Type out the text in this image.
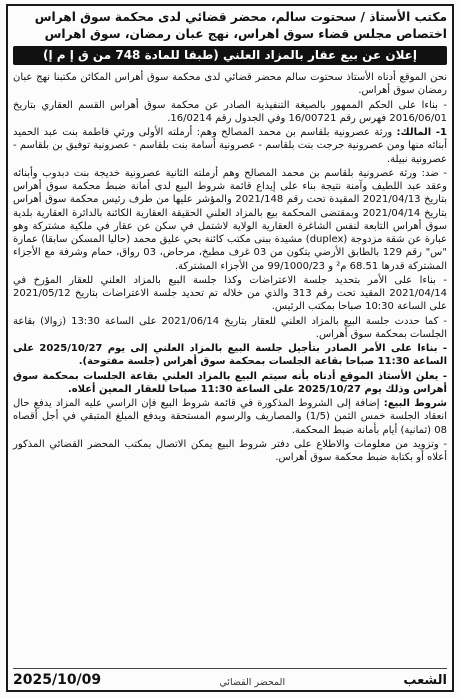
مكتب الأستاذ / سحتوت سالم، محضر قضائي لدى محكمة سوق اهراس
اختصاص مجلس قضاء سوق اهراس، نهج عبان رمضان، سوق اهراس
إعلان عن بيع عقار بالمزاد العلني (طبقا للمادة 748 من ق إ م إ)

نحن الموقع أدناه الأستاذ سحتوت سالم محضر قضائي لدى محكمة سوق أهراس المكائن مكتبنا نهج عبان رمضان سوق أهراس.

- بناءا على الحكم الممهور بالصيغة التنفيذية الصادر عن محكمة سوق أهراس القسم العقاري بتاريخ 2016/06/01 فهرس رقم 16/00721 وفي الجدول رقم 16/0214.

1- المالك: ورثة عصرونية بلقاسم بن محمد المصالح وهم: أرملته الأولى ورثي فاطمة بنت عبد الحميد أبنائه منها ومن عصرونية جرجت بنت بلقاسم - عصرونية أسامة بنت بلقاسم - عصرونية توفيق بن بلقاسم - عصرونية نبيلة.

- ضد: ورثة عصرونية بلقاسم بن محمد المصالح وهم أرملته الثانية عصرونية خديجة بنت دبدوب وأبنائه وعقد عبد اللطيف وآمنة نتيجة بناء على إيداع قائمة شروط البيع لدى أمانة ضبط محكمة سوق أهراس بتاريخ 2021/04/13 المقيدة تحت رقم 2021/148 والمؤشر عليها من طرف رئيس محكمة سوق أهراس بتاريخ 2021/04/14 وبمقتضى المحكمة بيع بالمزاد العلني الحقيقة العقارية الكائنة بالدائرة العقارية بلدية سوق أهراس التابعة لنفس الشاغرة العقارية الولاية لاشتمل في سكن عن عقار في ملكية مشتركة وهو عبارة عن شقة مزدوجة (duplex) مشيدة ببنى مكتب كائنة بحي عليق محمد (حاليا المسكن سابقا) عمارة "س" رقم 129 بالطابق الأرضي يتكون من 03 غرف مطبخ، مرحاض، 03 رواق، حمام وشرفة مع الأجزاء المشتركة قدرها 68.51 م² و 99/1000/23 من الأجزاء المشتركة.

- بناءا على الأمر بتحديد جلسة الاعتراضات وكذا جلسة البيع بالمزاد العلني للعقار المؤرخ في 2021/04/14 المقيد تحت رقم 313 والذي من خلاله تم تحديد جلسة الاعتراضات بتاريخ 2021/05/12 على الساعة 10:30 صباحا بمكتب الرئيس.

- كما حددت جلسة البيع بالمزاد العلني للعقار بتاريخ 2021/06/14 على الساعة 13:30 (زوالا) بقاعة الجلسات بمحكمة سوق أهراس.

- بناءا على الأمر الصادر بتأجيل جلسة البيع بالمزاد العلني إلى يوم 2025/10/27 على الساعة 11:30 صباحا بقاعة الجلسات بمحكمة سوق أهراس (جلسة مفتوحة).

- يعلن الأستاذ الموقع أدناه بأنه سيتم البيع بالمزاد العلني بقاعة الجلسات بمحكمة سوق أهراس وذلك يوم 2025/10/27 على الساعة 11:30 صباحا للعقار المعين أعلاه.

شروط البيع: إضافة إلى الشروط المذكورة في قائمة شروط البيع فإن الراسي عليه المزاد يدفع حال انعقاد الجلسة خمس الثمن (1/5) والمصاريف والرسوم المستحقة ويدفع المبلغ المتبقي في أجل أقصاه 08 (ثمانية) أيام بأمانة ضبط المحكمة.

- وتزويد من معلومات والاطلاع على دفتر شروط البيع يمكن الاتصال بمكتب المحضر القضائي المذكور أعلاه أو بكتابة ضبط محكمة سوق أهراس.

الشعب
المحضر القضائي
2025/10/09
